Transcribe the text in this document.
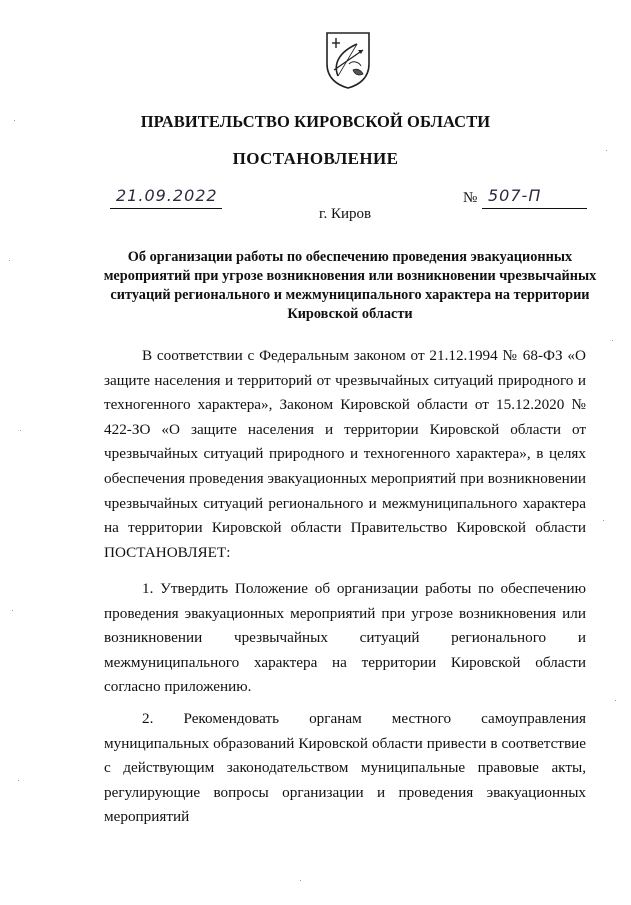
ПРАВИТЕЛЬСТВО КИРОВСКОЙ ОБЛАСТИ
ПОСТАНОВЛЕНИЕ
21.09.2022
г. Киров
№ 507-П
Об организации работы по обеспечению проведения эвакуационных мероприятий при угрозе возникновения или возникновении чрезвычайных ситуаций регионального и межмуниципального характера на территории Кировской области
В соответствии с Федеральным законом от 21.12.1994 № 68-ФЗ «О защите населения и территорий от чрезвычайных ситуаций природного и техногенного характера», Законом Кировской области от 15.12.2020 № 422-ЗО «О защите населения и территории Кировской области от чрезвычайных ситуаций природного и техногенного характера», в целях обеспечения проведения эвакуационных мероприятий при возникновении чрезвычайных ситуаций регионального и межмуниципального характера на территории Кировской области Правительство Кировской области ПОСТАНОВЛЯЕТ:
1. Утвердить Положение об организации работы по обеспечению проведения эвакуационных мероприятий при угрозе возникновения или возникновении чрезвычайных ситуаций регионального и межмуниципального характера на территории Кировской области согласно приложению.
2. Рекомендовать органам местного самоуправления муниципальных образований Кировской области привести в соответствие с действующим законодательством муниципальные правовые акты, регулирующие вопросы организации и проведения эвакуационных мероприятий
